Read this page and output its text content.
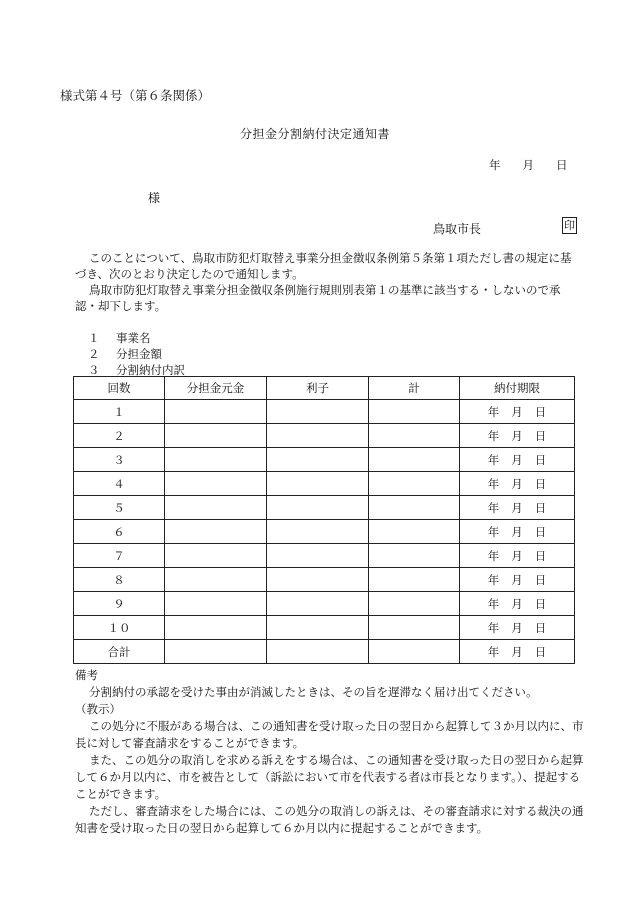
様式第４号（第６条関係）
分担金分割納付決定通知書
年 月 日
様
鳥取市長	印
このことについて、鳥取市防犯灯取替え事業分担金徴収条例第５条第１項ただし書の規定に基づき、次のとおり決定したので通知します。
鳥取市防犯灯取替え事業分担金徴収条例施行規則別表第１の基準に該当する・しないので承認・却下します。
１ 事業名
２ 分担金額
３ 分割納付内訳
回数	分担金元金	利子	計	納付期限
１				年 月 日
２				年 月 日
３				年 月 日
４				年 月 日
５				年 月 日
６				年 月 日
７				年 月 日
８				年 月 日
９				年 月 日
１０				年 月 日
合計				年 月 日
備考
分割納付の承認を受けた事由が消滅したときは、その旨を遅滞なく届け出てください。
（教示）
この処分に不服がある場合は、この通知書を受け取った日の翌日から起算して３か月以内に、市長に対して審査請求をすることができます。
また、この処分の取消しを求める訴えをする場合は、この通知書を受け取った日の翌日から起算して６か月以内に、市を被告として（訴訟において市を代表する者は市長となります。）、提起することができます。
ただし、審査請求をした場合には、この処分の取消しの訴えは、その審査請求に対する裁決の通知書を受け取った日の翌日から起算して６か月以内に提起することができます。
